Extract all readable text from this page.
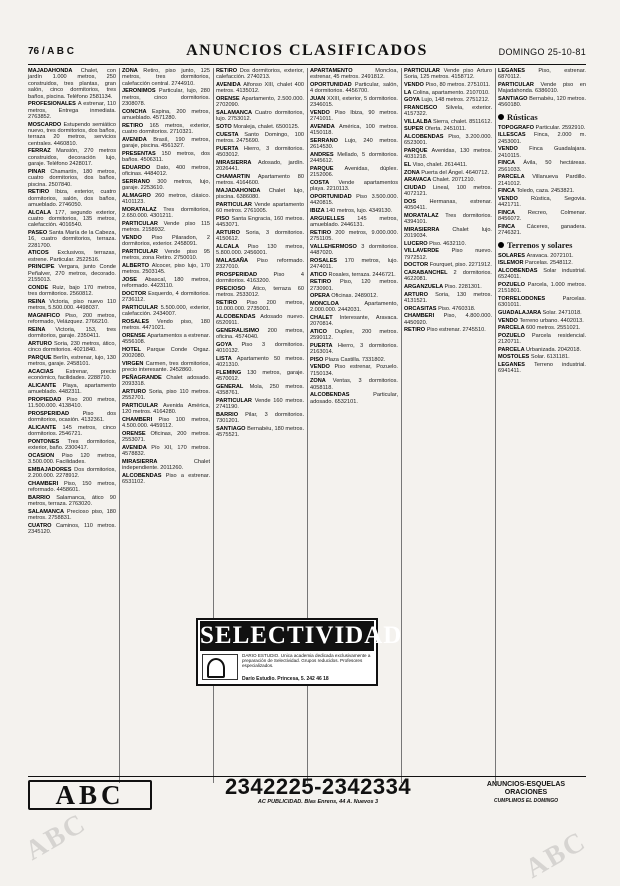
76 / A B C	ANUNCIOS CLASIFICADOS	DOMINGO 25-10-81

MAJADAHONDA Chalet, con jardín 1.000 metros, 250 construidos, tres plantas, gran salón, cinco dormitorios, tres baños, piscina. Teléfono 2581134.

PROFESIONALES A estrenar, 110 metros, Entrega inmediata. 2763852.

MOSCARDO Estupendo semiático nuevo, tres dormitorios, dos baños, terraza 20 metros, servicios centrales. 4460810.

FERRAZ Mansión, 270 metros construidos, decoración lujo, garaje. Teléfono 2428017.

PINAR Chamartín, 180 metros, cuatro dormitorios, dos baños, piscina. 2507840.

RETIRO Ibiza, exterior, cuatro dormitorios, salón, dos baños, amueblado. 2746050.

ALCALA 177, segundo exterior, cuatro dormitorios, 135 metros, calefacción. 4016540.

PASEO Santa María de la Cabeza, 16, cuatro dormitorios, terraza. 2281700.

ATICOS Exclusivos, terrazas, estrene. Particular. 2522516.

PRINCIPE Vergara, junto Conde Peñalver, 270 metros, decorado. 2155013.

CONDE Ruiz, bajo 170 metros, tres dormitorios. 2560812.

REINA Victoria, piso nuevo 110 metros, 5.500.000. 4498037.

MAGNIFICO Piso, 200 metros, reformado, Velázquez. 2766210.

REINA Victoria, 153, tres dormitorios, garaje. 2350411.

ARTURO Soria, 230 metros, ático, cinco dormitorios. 4021840.

PARQUE Berlín, estrenar, lujo, 130 metros, garaje. 2458101.

ACACIAS Estrenar, precio económico, facilidades. 2288710.

ALICANTE Playa, apartamento amueblado. 4482311.

PROPIEDAD Piso 200 metros, 11.500.000. 4138410.

PROSPERIDAD Piso dos dormitorios, ocasión. 4132361.

ALICANTE 145 metros, cinco dormitorios. 2546721.

PONTONES Tres dormitorios, exterior, baño. 2300417.

OCASION Piso 120 metros, 3.500.000. Facilidades.

EMBAJADORES Dos dormitorios, 2.200.000. 2278912.

CHAMBERI Piso, 150 metros, reformado. 4458601.

BARRIO Salamanca, ático 90 metros, terraza. 2763020.

SALAMANCA Precioso piso, 180 metros. 2758831.

CUATRO Caminos, 110 metros. 2345120.

ZONA Retiro, piso junto, 125 metros, tres dormitorios, calefacción central. 2744910.

JERONIMOS Particular, lujo, 280 metros, cinco dormitorios. 2308078.

CONCHA Espina, 200 metros, amueblado. 4571280.

RETIRO 165 metros, exterior, cuatro dormitorios. 2710321.

AVENIDA Brasil, 190 metros, garaje, piscina. 4561327.

PRESENTAS 150 metros, dos baños. 4506311.

EDUARDO Dato, 400 metros, oficinas. 4484012.

SERRANO 300 metros, lujo, garaje. 2253610.

ALMAGRO 260 metros, clásico. 4101123.

MORATALAZ Tres dormitorios, 2.650.000. 4301211.

PARTICULAR Vende piso 115 metros. 2158932.

VENDO Piso Pilaradon, 2 dormitorios, exterior. 2458091.

PARTICULAR Vende piso 95 metros, zona Retiro. 2750010.

ALBERTO Alcocer, piso lujo, 170 metros. 2503145.

JOSE Abascal, 180 metros, reformado. 4423110.

DOCTOR Esquerdo, 4 dormitorios. 2736112.

PARTICULAR 5.500.000, exterior, calefacción. 2434007.

ROSALES Vendo piso, 180 metros. 4471021.

ORENSE Apartamentos a estrenar. 4556108.

HOTEL Parque Conde Orgaz. 2002080.

VIRGEN Carmen, tres dormitorios, precio interesante. 2452860.

PEÑAGRANDE Chalet adosado. 2093318.

ARTURO Soria, piso 110 metros. 2552701.

PARTICULAR Avenida América, 120 metros. 4164280.

CHAMBERI Piso 100 metros, 4.500.000. 4459112.

ORENSE Oficinas, 200 metros. 2553071.

AVENIDA Pío XII, 170 metros. 4578832.

MIRASIERRA Chalet independiente. 2011260.

ALCOBENDAS Piso a estrenar. 6531102.

RETIRO Dos dormitorios, exterior, calefacción. 2740213.

AVENIDA Alfonso XIII, chalet 400 metros. 4135012.

ORENSE Apartamento, 2.500.000. 2702090.

SALAMANCA Cuatro dormitorios, lujo. 2753012.

SOTO Moraleja, chalet. 6500125.

CUESTA Santo Domingo, 100 metros. 2475690.

PUERTA Hierro, 3 dormitorios. 4503012.

MIRASIERRA Adosado, jardín. 2026441.

CHAMARTIN Apartamento 80 metros. 4164600.

MAJADAHONDA Chalet lujo, piscina. 6386080.

PARTICULAR Vende apartamento 60 metros. 2761005.

PISO Santa Engracia, 160 metros. 4453071.

ARTURO Soria, 3 dormitorios. 4150612.

ALCALA Piso 130 metros, 5.800.000. 2456001.

MALASAÑA Piso reformado. 2327010.

PROSPERIDAD Piso 4 dormitorios. 4163200.

PRECIOSO Ático, terraza 60 metros. 2533012.

RETIRO Piso 200 metros, 10.000.000. 2735001.

ALCOBENDAS Adosado nuevo. 6520911.

GENERALISIMO 200 metros, oficina. 4574040.

GOYA Piso 3 dormitorios. 4010132.

LISTA Apartamento 50 metros. 4021310.

FLEMING 130 metros, garaje. 4570012.

GENERAL Mola, 250 metros. 4358761.

PARTICULAR Vende 160 metros. 2741190.

BARRIO Pilar, 3 dormitorios. 7301201.

SANTIAGO Bernabéu, 180 metros. 4575521.

APARTAMENTO Moncloa, estrenar, 45 metros. 2491812.

OPORTUNIDAD Particular, salón, 4 dormitorios. 4456700.

JUAN XXIII, exterior, 5 dormitorios. 2346015.

VENDO Piso Ibiza, 90 metros. 2741011.

AVENIDA América, 100 metros. 4150118.

SERRANO Lujo, 240 metros. 2614530.

ANDRES Mellado, 5 dormitorios. 2445612.

PARQUE Avenidas, dúplex. 2152006.

COSTA Vende apartamentos playa. 2210113.

OPORTUNIDAD Piso 3.500.000. 4420815.

IBIZA 140 metros, lujo. 4349130.

ARGUELLES 145 metros, amueblado. 2446131.

RETIRO 200 metros, 9.000.000. 2751105.

VALLEHERMOSO 3 dormitorios. 4487020.

ROSALES 170 metros, lujo. 2474011.

ATICO Rosales, terraza. 2446721.

RETIRO Piso, 120 metros. 2730901.

OPERA Oficinas. 2489012.

MONCLOA Apartamento, 2.000.000. 2442031.

CHALET Interesante, Aravaca. 2070814.

ATICO Duplex, 200 metros. 2590112.

PUERTA Hierro, 3 dormitorios. 2163014.

PISO Plaza Castilla. 7331802.

VENDO Piso estrenar, Pozuelo. 7150134.

ZONA Ventas, 3 dormitorios. 4058118.

ALCOBENDAS Particular, adosado. 6532101.

PARTICULAR Vende piso Arturo Soria, 125 metros. 4158712.

VENDO Piso, 80 metros. 2751011.

LA Colina, apartamento. 2107010.

GOYA Lujo, 148 metros. 2751212.

FRANCISCO Silvela, exterior. 4157322.

VILLALBA Sierra, chalet. 8511612.

SUPER Oferta. 2451011.

ALCOBENDAS Piso, 3.200.000. 6523001.

PARQUE Avenidas, 130 metros. 4031218.

EL Viso, chalet. 2614411.

ZONA Puerta del Ángel. 4640712.

ARAVACA Chalet. 2071210.

CIUDAD Lineal, 100 metros. 4072121.

DOS Hermanas, estrenar. 4050411.

MORATALAZ Tres dormitorios. 4394101.

MIRASIERRA Chalet lujo. 2019034.

LUCERO Piso. 4632110.

VILLAVERDE Piso nuevo. 7972512.

DOCTOR Fourquet, piso. 2271912.

CARABANCHEL 2 dormitorios. 4622081.

ARGANZUELA Piso. 2281301.

ARTURO Soria, 130 metros. 4131521.

ORCASITAS Piso. 4760318.

CHAMBERI Piso, 4.800.000. 4450920.

RETIRO Piso estrenar. 2745510.

LEGANES Piso, estrenar. 6870112.

PARTICULAR Vende piso en Majadahonda. 6386010.

SANTIAGO Bernabéu, 120 metros. 4560180.

Rústicas

TOPOGRAFO Particular. 2592910.

ILLESCAS Finca, 2.000 m. 2453001.

VENDO Finca Guadalajara. 2410115.

FINCA Ávila, 50 hectáreas. 2561033.

PARCELA Villanueva Pardillo. 2141012.

FINCA Toledo, caza. 2453821.

VENDO Rústica, Segovia. 4421711.

FINCA Recreo, Colmenar. 8456072.

FINCA Cáceres, ganadera. 2746321.

Terrenos y solares

SOLARES Aravaca. 2072101.

ISLEMOR Parcelas. 2548112.

ALCOBENDAS Solar industrial. 6524011.

POZUELO Parcela, 1.000 metros. 2151801.

TORRELODONES Parcelas. 6301011.

GUADALAJARA Solar. 2471018.

VENDO Terreno urbano. 4402013.

PARCELA 600 metros. 2551021.

POZUELO Parcela residencial. 2120711.

PARCELA Urbanizada. 2042018.

MOSTOLES Solar. 6131181.

LEGANES Terreno industrial. 6941411.

SELECTIVIDAD
DARIO ESTUDIO. Unica academia dedicada exclusivamente a preparación de Selectividad. Grupos reducidos. Profesores especializados.
Darío Estudio. Princesa, 5. 242 46 18
ABC	2342225-2342334
AC PUBLICIDAD. Blas Enrens, 44 A. Nuevos 3
ANUNCIOS-ESQUELAS ORACIONES
CUMPLIMOS EL DOMINGO
ABC	ABC
